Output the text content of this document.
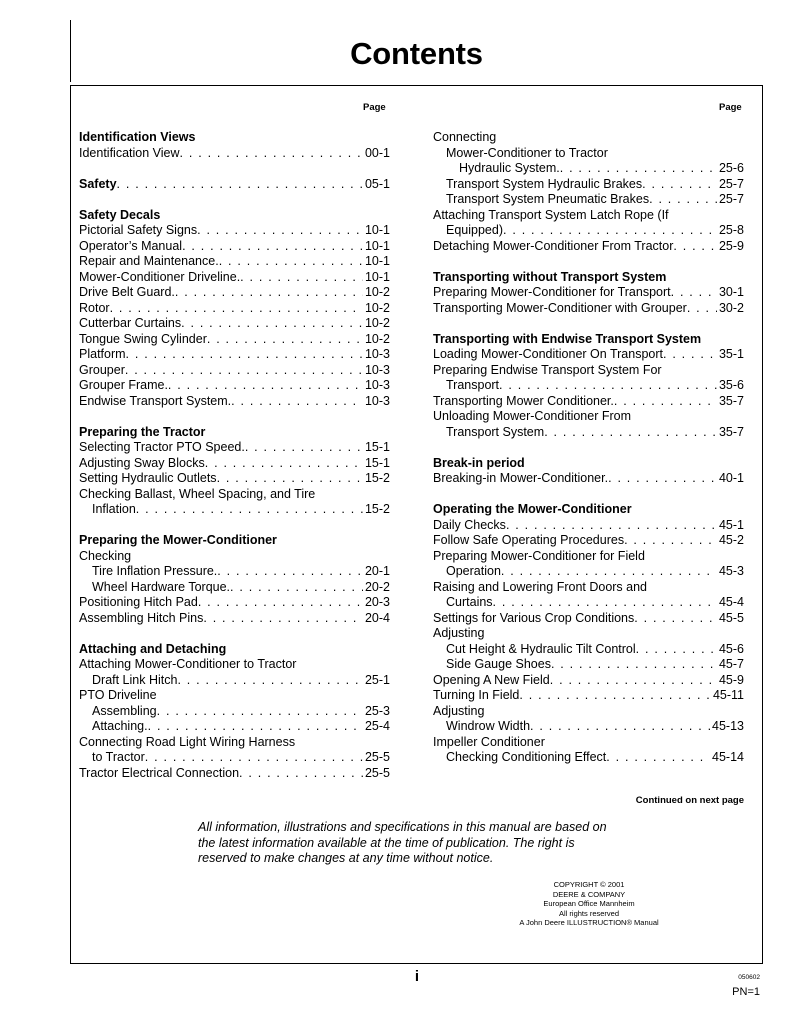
Contents
Page	Page
Identification Views
Identification View . . .	00-1
Safety . . .	05-1
Safety Decals
Pictorial Safety Signs . . .	10-1
Operator’s Manual . . .	10-1
Repair and Maintenance. . . .	10-1
Mower-Conditioner Driveline. . . .	10-1
Drive Belt Guard. . . .	10-2
Rotor . . .	10-2
Cutterbar Curtains . . .	10-2
Tongue Swing Cylinder . . .	10-2
Platform . . .	10-3
Grouper . . .	10-3
Grouper Frame. . . .	10-3
Endwise Transport System. . . .	10-3
Preparing the Tractor
Selecting Tractor PTO Speed. . . .	15-1
Adjusting Sway Blocks . . .	15-1
Setting Hydraulic Outlets . . .	15-2
Checking Ballast, Wheel Spacing, and Tire
Inflation . . .	15-2
Preparing the Mower-Conditioner
Checking
Tire Inflation Pressure. . . .	20-1
Wheel Hardware Torque. . . .	20-2
Positioning Hitch Pad . . .	20-3
Assembling Hitch Pins . . .	20-4
Attaching and Detaching
Attaching Mower-Conditioner to Tractor
Draft Link Hitch . . .	25-1
PTO Driveline
Assembling . . .	25-3
Attaching. . . .	25-4
Connecting Road Light Wiring Harness
to Tractor . . .	25-5
Tractor Electrical Connection . . .	25-5
Connecting
Mower-Conditioner to Tractor
Hydraulic System. . . .	25-6
Transport System Hydraulic Brakes . . .	25-7
Transport System Pneumatic Brakes . . .	25-7
Attaching Transport System Latch Rope (If
Equipped) . . .	25-8
Detaching Mower-Conditioner From Tractor . . .	25-9
Transporting without Transport System
Preparing Mower-Conditioner for Transport . . .	30-1
Transporting Mower-Conditioner with Grouper . . .	30-2
Transporting with Endwise Transport System
Loading Mower-Conditioner On Transport . . .	35-1
Preparing Endwise Transport System For
Transport . . .	35-6
Transporting Mower Conditioner. . . .	35-7
Unloading Mower-Conditioner From
Transport System . . .	35-7
Break-in period
Breaking-in Mower-Conditioner. . . .	40-1
Operating the Mower-Conditioner
Daily Checks . . .	45-1
Follow Safe Operating Procedures . . .	45-2
Preparing Mower-Conditioner for Field
Operation . . .	45-3
Raising and Lowering Front Doors and
Curtains . . .	45-4
Settings for Various Crop Conditions . . .	45-5
Adjusting
Cut Height & Hydraulic Tilt Control . . .	45-6
Side Gauge Shoes . . .	45-7
Opening A New Field . . .	45-9
Turning In Field . . .	45-11
Adjusting
Windrow Width . . .	45-13
Impeller Conditioner
Checking Conditioning Effect . . .	45-14
Continued on next page
All information, illustrations and specifications in this manual are based on
the latest information available at the time of publication. The right is
reserved to make changes at any time without notice.
COPYRIGHT © 2001
DEERE & COMPANY
European Office Mannheim
All rights reserved
A John Deere ILLUSTRUCTION® Manual
i	050602
PN=1
